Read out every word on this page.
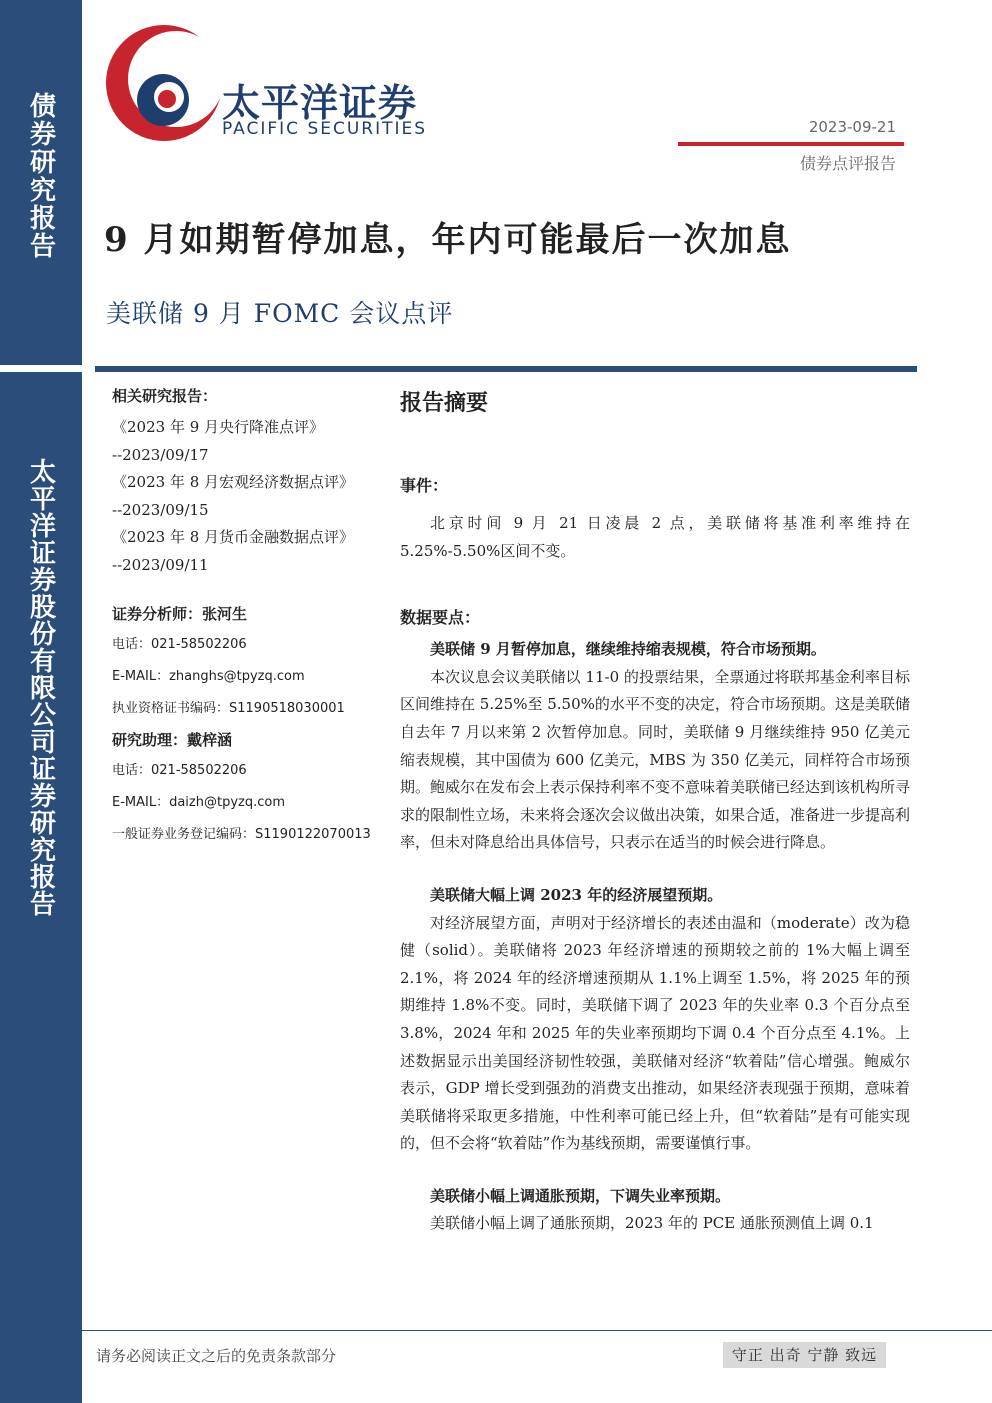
债券研究报告
太平洋证券股份有限公司证券研究报告
太平洋证券
PACIFIC SECURITIES	2023-09-21
债券点评报告
9 月如期暂停加息，年内可能最后一次加息
美联储 9 月 FOMC 会议点评
相关研究报告：
《2023 年 9 月央行降准点评》
--2023/09/17
《2023 年 8 月宏观经济数据点评》
--2023/09/15
《2023 年 8 月货币金融数据点评》
--2023/09/11
证券分析师：张河生
电话：021-58502206
E-MAIL：zhanghs@tpyzq.com
执业资格证书编码：S1190518030001
研究助理：戴梓涵
电话：021-58502206
E-MAIL：daizh@tpyzq.com
一般证券业务登记编码：S1190122070013
报告摘要
事件：

北京时间 9 月 21 日凌晨 2 点，美联储将基准利率维持在 5.25%-5.50%区间不变。

数据要点：

美联储 9 月暂停加息，继续维持缩表规模，符合市场预期。

本次议息会议美联储以 11-0 的投票结果，全票通过将联邦基金利率目标区间维持在 5.25%至 5.50%的水平不变的决定，符合市场预期。这是美联储自去年 7 月以来第 2 次暂停加息。同时，美联储 9 月继续维持 950 亿美元缩表规模，其中国债为 600 亿美元，MBS 为 350 亿美元，同样符合市场预期。鲍威尔在发布会上表示保持利率不变不意味着美联储已经达到该机构所寻求的限制性立场，未来将会逐次会议做出决策，如果合适，准备进一步提高利率，但未对降息给出具体信号，只表示在适当的时候会进行降息。

美联储大幅上调 2023 年的经济展望预期。

对经济展望方面，声明对于经济增长的表述由温和（moderate）改为稳健（solid）。美联储将 2023 年经济增速的预期较之前的 1%大幅上调至 2.1%，将 2024 年的经济增速预期从 1.1%上调至 1.5%，将 2025 年的预期维持 1.8%不变。同时，美联储下调了 2023 年的失业率 0.3 个百分点至 3.8%，2024 年和 2025 年的失业率预期均下调 0.4 个百分点至 4.1%。上述数据显示出美国经济韧性较强，美联储对经济“软着陆”信心增强。鲍威尔表示，GDP 增长受到强劲的消费支出推动，如果经济表现强于预期，意味着美联储将采取更多措施，中性利率可能已经上升，但“软着陆”是有可能实现的，但不会将“软着陆”作为基线预期，需要谨慎行事。

美联储小幅上调通胀预期，下调失业率预期。

美联储小幅上调了通胀预期，2023 年的 PCE 通胀预测值上调 0.1

请务必阅读正文之后的免责条款部分	守正 出奇 宁静 致远
